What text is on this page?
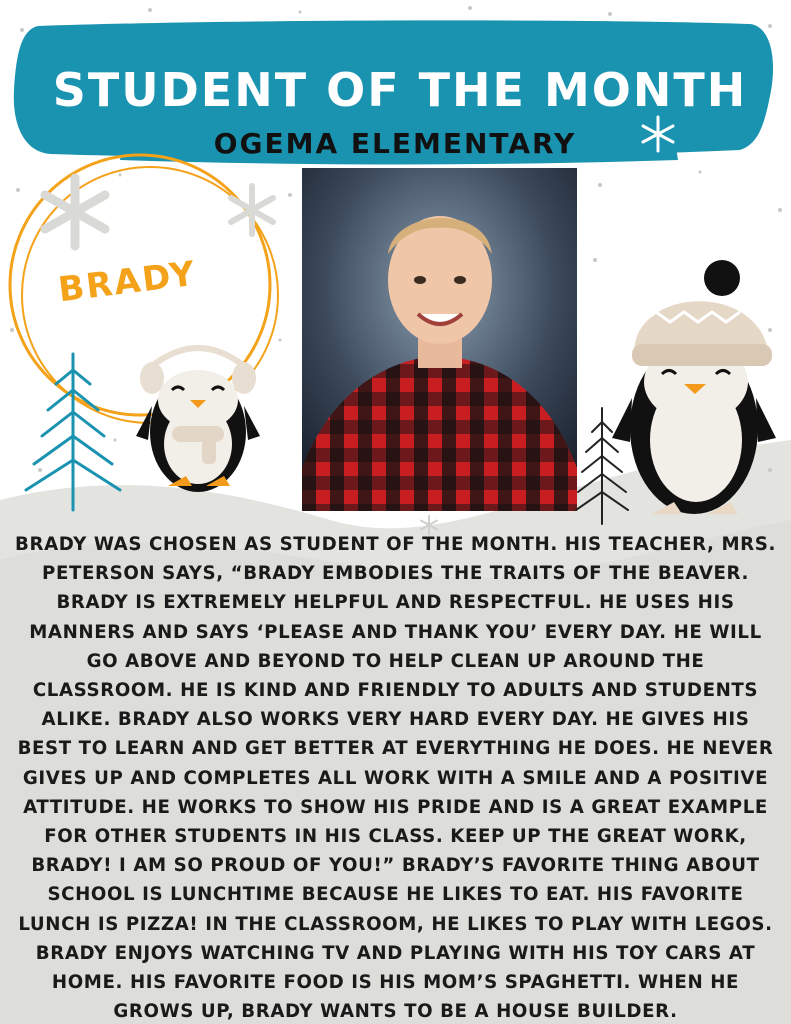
STUDENT OF THE MONTH
OGEMA ELEMENTARY
BRADY
BRADY WAS CHOSEN AS STUDENT OF THE MONTH. HIS TEACHER, MRS. PETERSON SAYS, “BRADY EMBODIES THE TRAITS OF THE BEAVER. BRADY IS EXTREMELY HELPFUL AND RESPECTFUL. HE USES HIS MANNERS AND SAYS ‘PLEASE AND THANK YOU’ EVERY DAY. HE WILL GO ABOVE AND BEYOND TO HELP CLEAN UP AROUND THE CLASSROOM. HE IS KIND AND FRIENDLY TO ADULTS AND STUDENTS ALIKE. BRADY ALSO WORKS VERY HARD EVERY DAY. HE GIVES HIS BEST TO LEARN AND GET BETTER AT EVERYTHING HE DOES. HE NEVER GIVES UP AND COMPLETES ALL WORK WITH A SMILE AND A POSITIVE ATTITUDE. HE WORKS TO SHOW HIS PRIDE AND IS A GREAT EXAMPLE FOR OTHER STUDENTS IN HIS CLASS. KEEP UP THE GREAT WORK, BRADY! I AM SO PROUD OF YOU!” BRADY’S FAVORITE THING ABOUT SCHOOL IS LUNCHTIME BECAUSE HE LIKES TO EAT. HIS FAVORITE LUNCH IS PIZZA! IN THE CLASSROOM, HE LIKES TO PLAY WITH LEGOS. BRADY ENJOYS WATCHING TV AND PLAYING WITH HIS TOY CARS AT HOME. HIS FAVORITE FOOD IS HIS MOM’S SPAGHETTI. WHEN HE GROWS UP, BRADY WANTS TO BE A HOUSE BUILDER.
